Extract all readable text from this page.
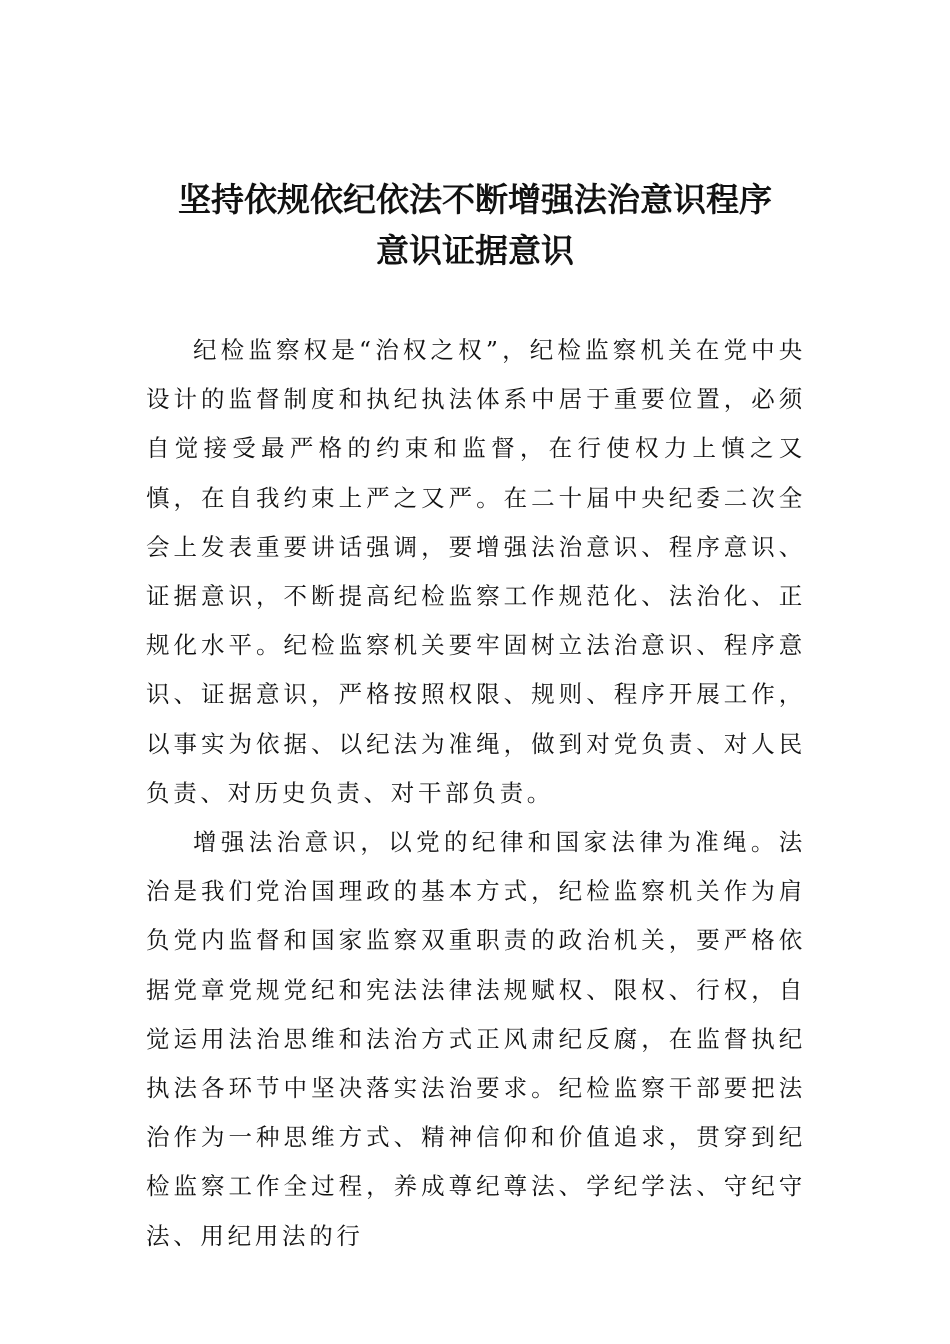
坚持依规依纪依法不断增强法治意识程序
意识证据意识

纪检监察权是“治权之权”，纪检监察机关在党中央设计的监督制度和执纪执法体系中居于重要位置，必须自觉接受最严格的约束和监督，在行使权力上慎之又慎，在自我约束上严之又严。在二十届中央纪委二次全会上发表重要讲话强调，要增强法治意识、程序意识、证据意识，不断提高纪检监察工作规范化、法治化、正规化水平。纪检监察机关要牢固树立法治意识、程序意识、证据意识，严格按照权限、规则、程序开展工作，以事实为依据、以纪法为准绳，做到对党负责、对人民负责、对历史负责、对干部负责。

增强法治意识，以党的纪律和国家法律为准绳。法治是我们党治国理政的基本方式，纪检监察机关作为肩负党内监督和国家监察双重职责的政治机关，要严格依据党章党规党纪和宪法法律法规赋权、限权、行权，自觉运用法治思维和法治方式正风肃纪反腐，在监督执纪执法各环节中坚决落实法治要求。纪检监察干部要把法治作为一种思维方式、精神信仰和价值追求，贯穿到纪检监察工作全过程，养成尊纪尊法、学纪学法、守纪守法、用纪用法的行
